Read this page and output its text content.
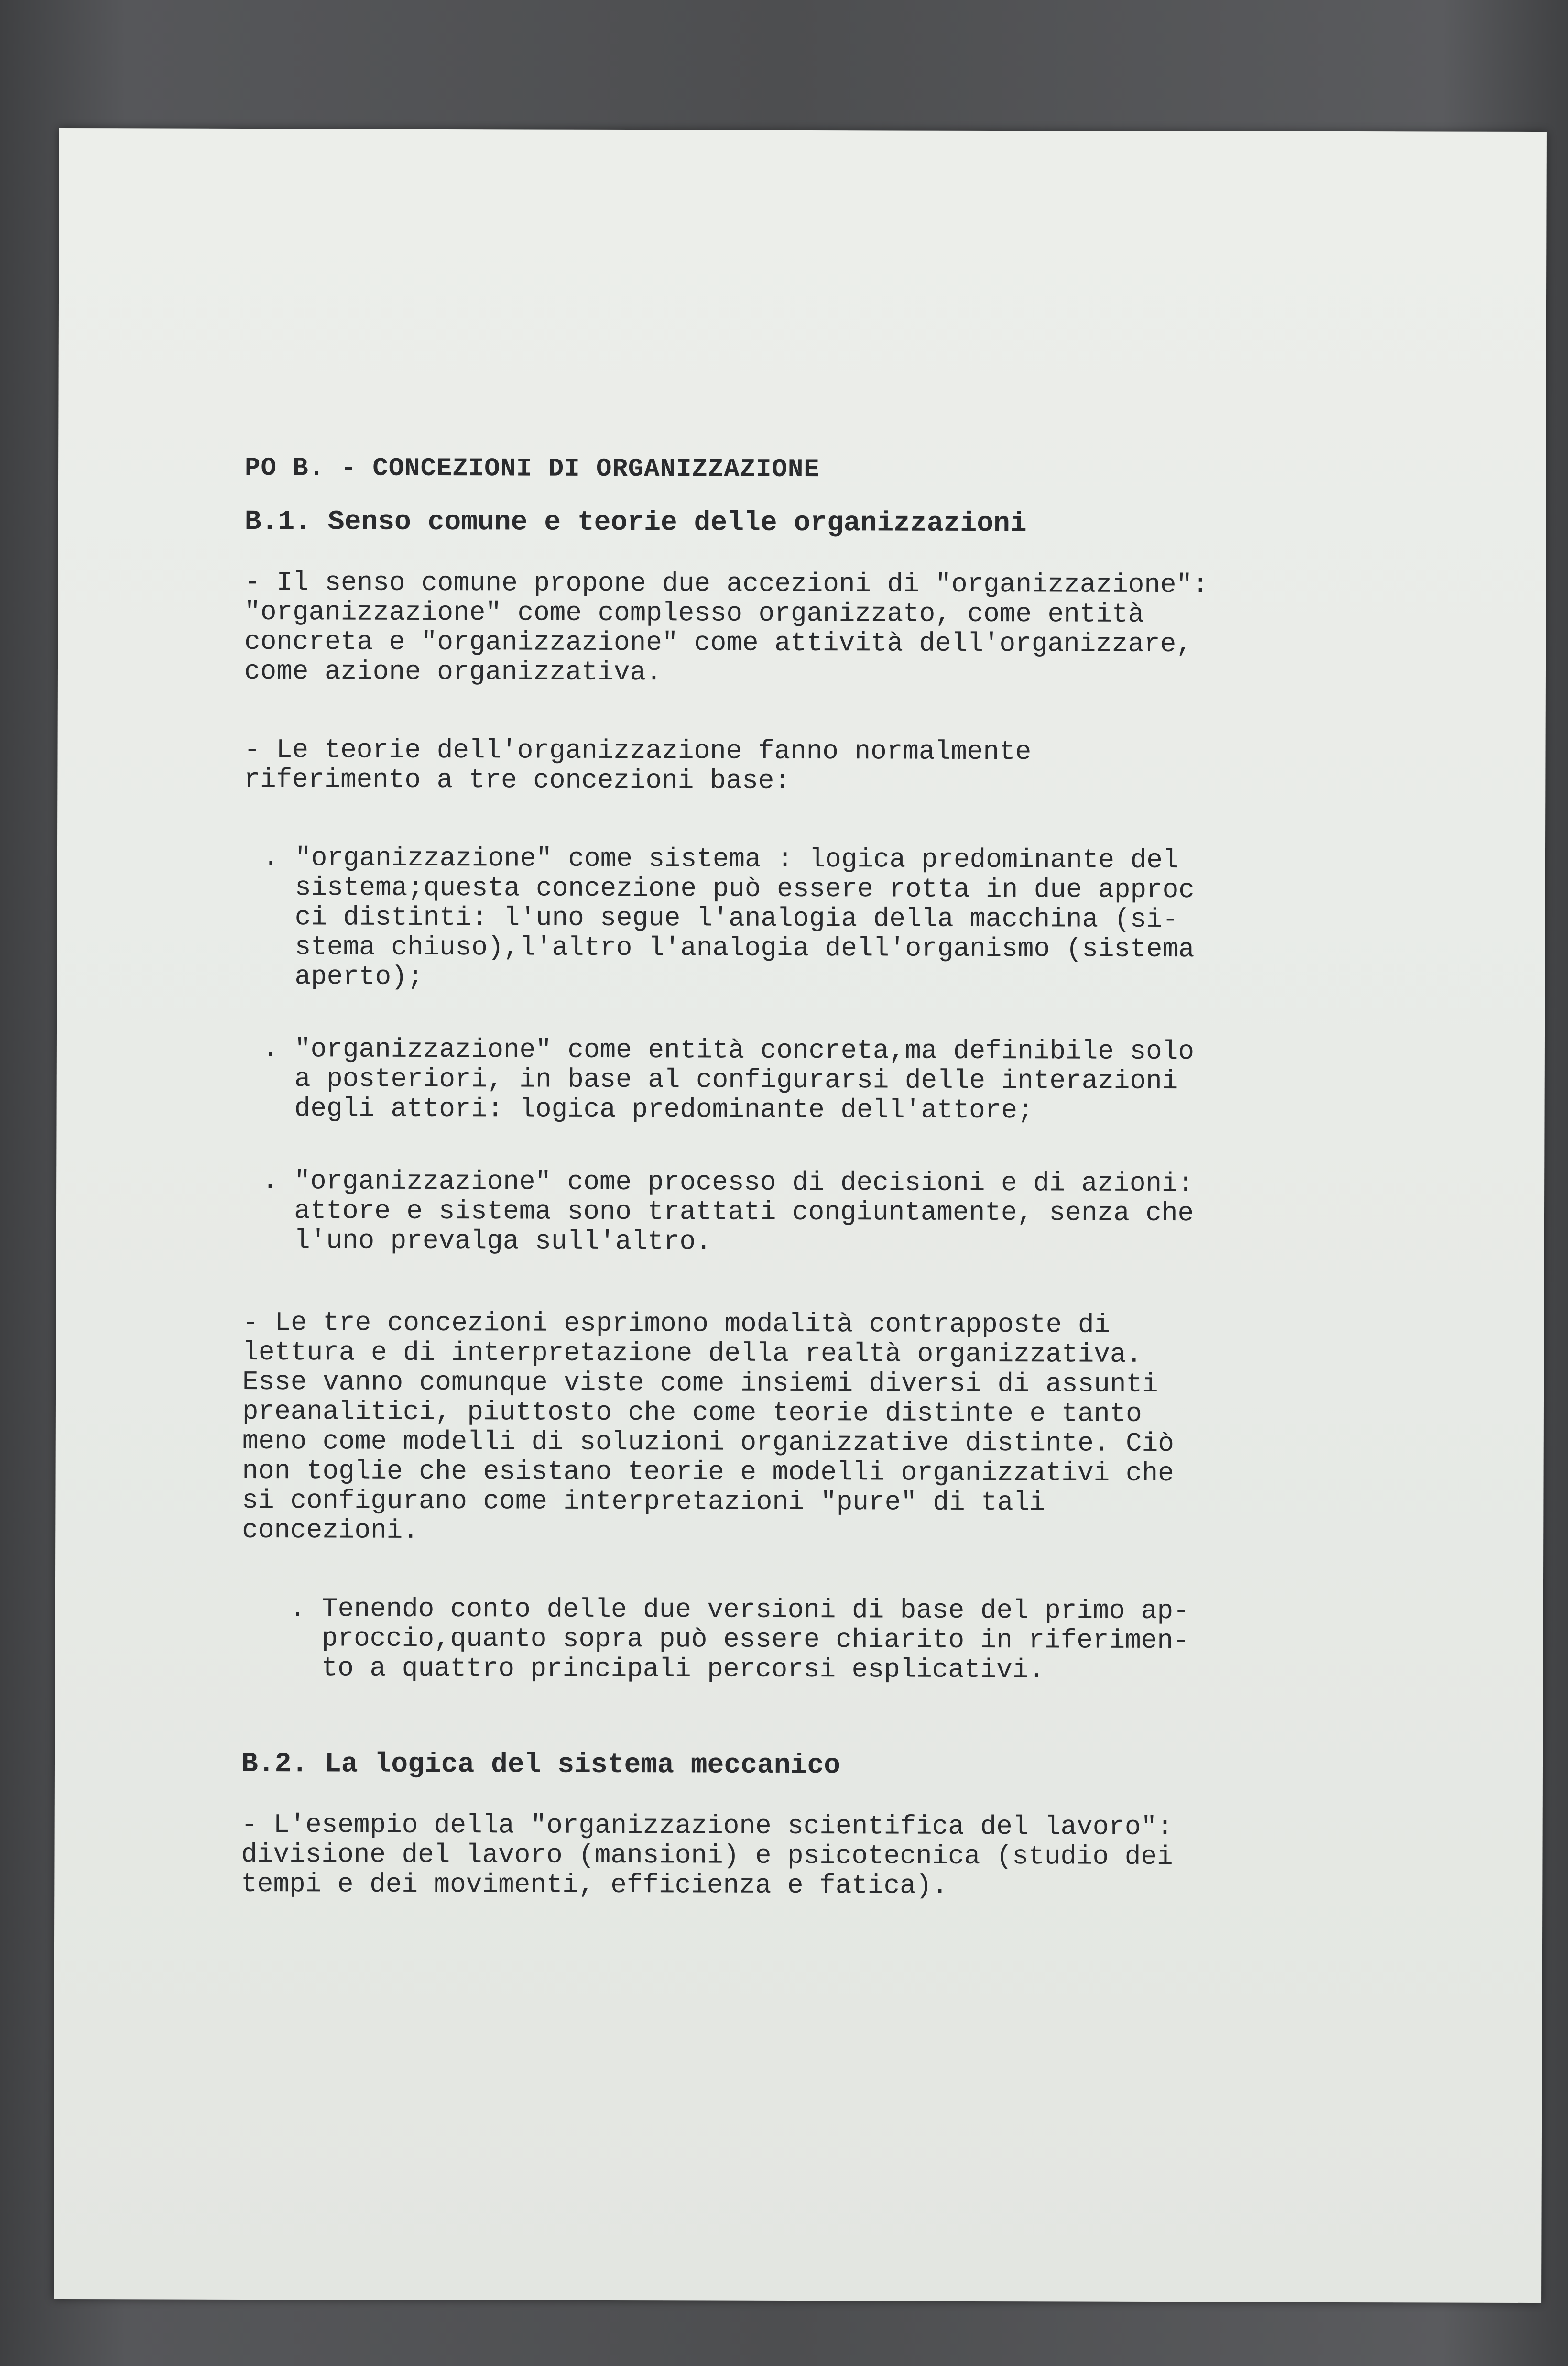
PO B. - CONCEZIONI DI ORGANIZZAZIONE
B.1. Senso comune e teorie delle organizzazioni

- Il senso comune propone due accezioni di "organizzazione":
"organizzazione" come complesso organizzato, come entità
concreta e "organizzazione" come attività dell'organizzare,
come azione organizzativa.

- Le teorie dell'organizzazione fanno normalmente
riferimento a tre concezioni base:

. "organizzazione" come sistema : logica predominante del
sistema;questa concezione può essere rotta in due approc
ci distinti: l'uno segue l'analogia della macchina (si-
stema chiuso),l'altro l'analogia dell'organismo (sistema
aperto);

. "organizzazione" come entità concreta,ma definibile solo
a posteriori, in base al configurarsi delle interazioni
degli attori: logica predominante dell'attore;

. "organizzazione" come processo di decisioni e di azioni:
attore e sistema sono trattati congiuntamente, senza che
l'uno prevalga sull'altro.

- Le tre concezioni esprimono modalità contrapposte di
lettura e di interpretazione della realtà organizzativa.
Esse vanno comunque viste come insiemi diversi di assunti
preanalitici, piuttosto che come teorie distinte e tanto
meno come modelli di soluzioni organizzative distinte. Ciò
non toglie che esistano teorie e modelli organizzativi che
si configurano come interpretazioni "pure" di tali
concezioni.

. Tenendo conto delle due versioni di base del primo ap-
proccio,quanto sopra può essere chiarito in riferimen-
to a quattro principali percorsi esplicativi.

B.2. La logica del sistema meccanico

- L'esempio della "organizzazione scientifica del lavoro":
divisione del lavoro (mansioni) e psicotecnica (studio dei
tempi e dei movimenti, efficienza e fatica).
